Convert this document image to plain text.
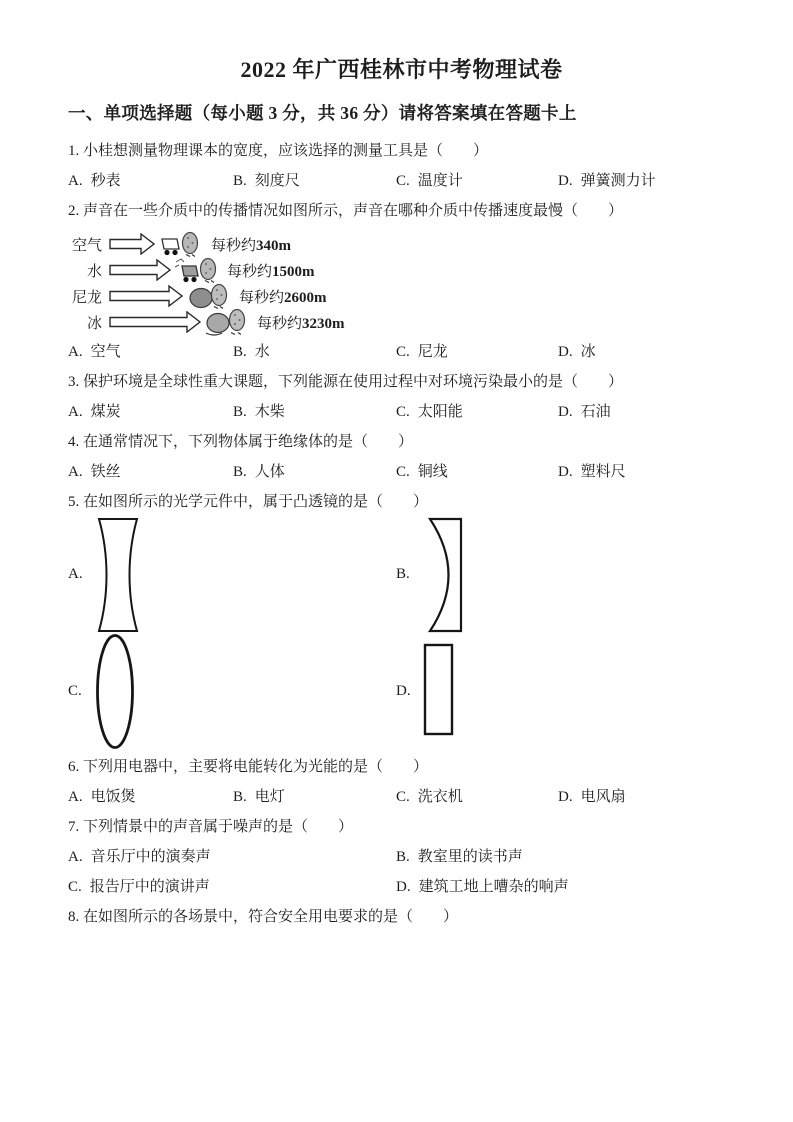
2022 年广西桂林市中考物理试卷
一、单项选择题（每小题 3 分，共 36 分）请将答案填在答题卡上

1. 小桂想测量物理课本的宽度，应该选择的测量工具是（　　）

A. 秒表	B. 刻度尺	C. 温度计	D. 弹簧测力计

2. 声音在一些介质中的传播情况如图所示，声音在哪种介质中传播速度最慢（　　）

空气	每秒约340m
水	每秒约1500m
尼龙	每秒约2600m
冰	每秒约3230m
A. 空气	B. 水	C. 尼龙	D. 冰

3. 保护环境是全球性重大课题，下列能源在使用过程中对环境污染最小的是（　　）

A. 煤炭	B. 木柴	C. 太阳能	D. 石油

4. 在通常情况下，下列物体属于绝缘体的是（　　）

A. 铁丝	B. 人体	C. 铜线	D. 塑料尺

5. 在如图所示的光学元件中，属于凸透镜的是（　　）

A.	B.
C.	D.

6. 下列用电器中，主要将电能转化为光能的是（　　）

A. 电饭煲	B. 电灯	C. 洗衣机	D. 电风扇

7. 下列情景中的声音属于噪声的是（　　）

A. 音乐厅中的演奏声	B. 教室里的读书声
C. 报告厅中的演讲声	D. 建筑工地上嘈杂的响声

8. 在如图所示的各场景中，符合安全用电要求的是（　　）
